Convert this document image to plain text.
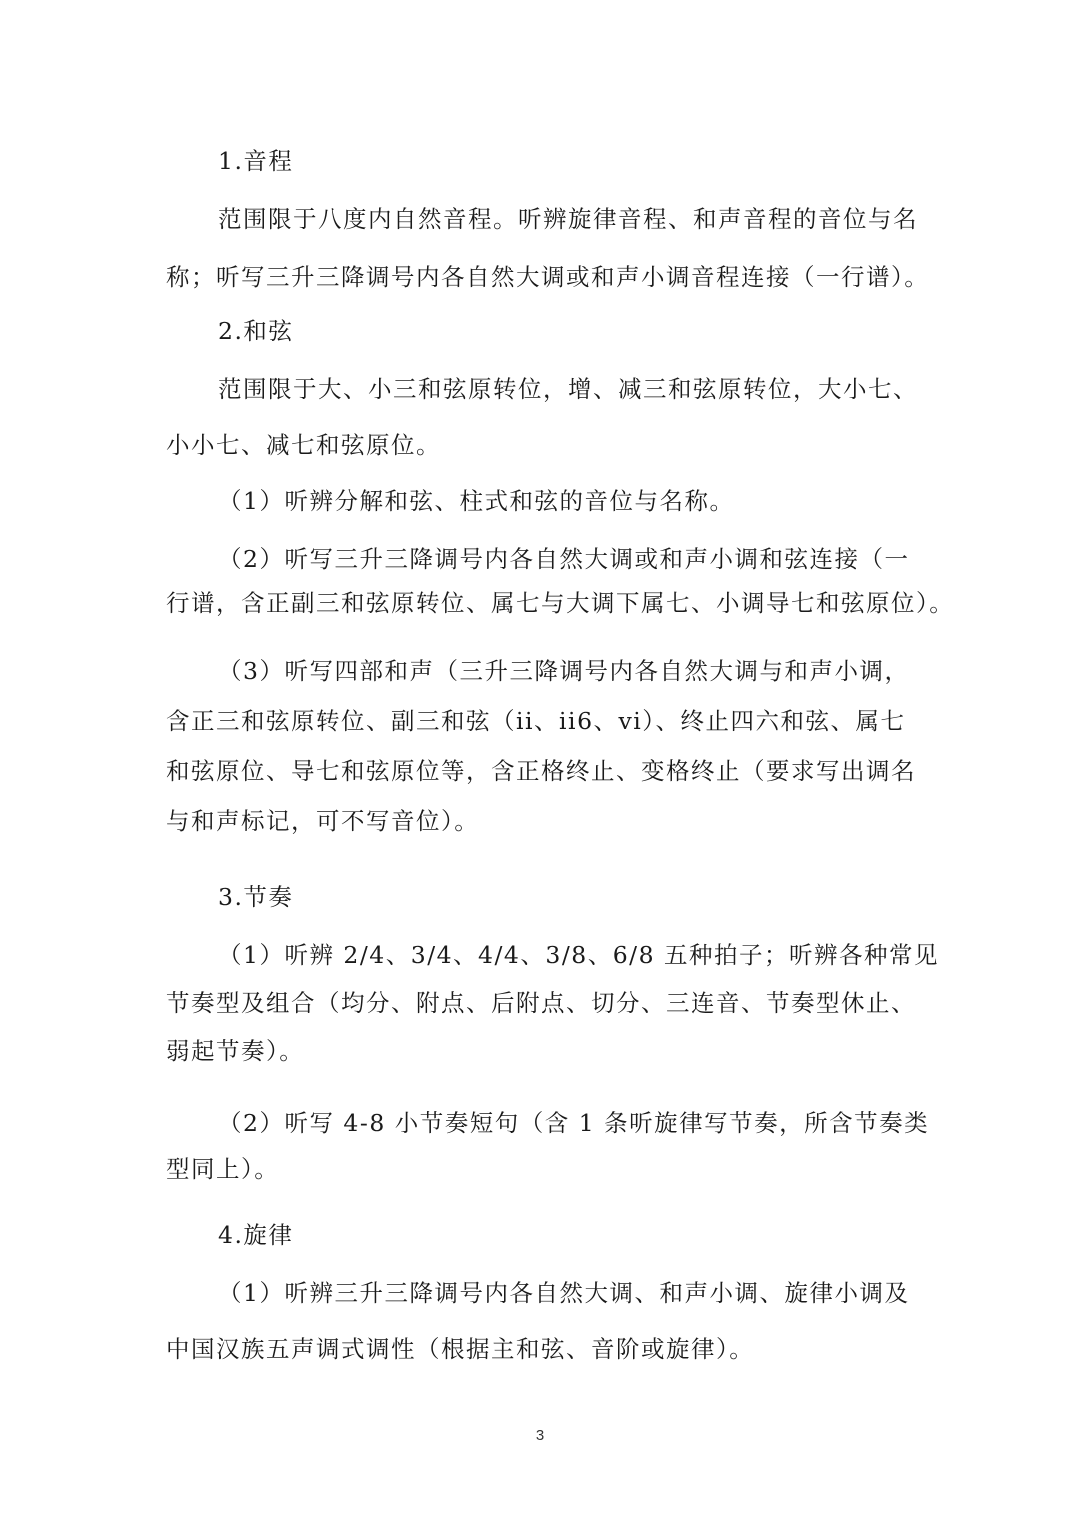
1.音程

范围限于八度内自然音程。听辨旋律音程、和声音程的音位与名

称；听写三升三降调号内各自然大调或和声小调音程连接（一行谱）。

2.和弦

范围限于大、小三和弦原转位，增、减三和弦原转位，大小七、

小小七、减七和弦原位。

（1）听辨分解和弦、柱式和弦的音位与名称。

（2）听写三升三降调号内各自然大调或和声小调和弦连接（一

行谱，含正副三和弦原转位、属七与大调下属七、小调导七和弦原位）。

（3）听写四部和声（三升三降调号内各自然大调与和声小调，

含正三和弦原转位、副三和弦（ii、ii6、vi）、终止四六和弦、属七

和弦原位、导七和弦原位等，含正格终止、变格终止（要求写出调名

与和声标记，可不写音位）。

3.节奏

（1）听辨 2/4、3/4、4/4、3/8、6/8 五种拍子；听辨各种常见

节奏型及组合（均分、附点、后附点、切分、三连音、节奏型休止、

弱起节奏）。

（2）听写 4-8 小节奏短句（含 1 条听旋律写节奏，所含节奏类

型同上）。

4.旋律

（1）听辨三升三降调号内各自然大调、和声小调、旋律小调及

中国汉族五声调式调性（根据主和弦、音阶或旋律）。

3
